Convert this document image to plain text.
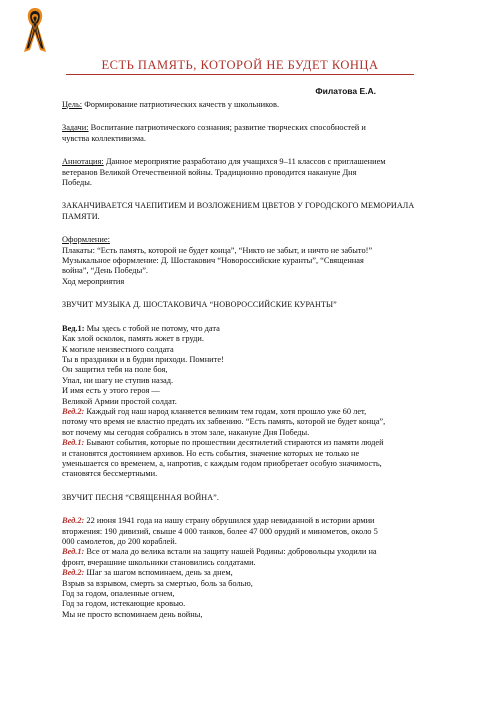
ЕСТЬ ПАМЯТЬ, КОТОРОЙ НЕ БУДЕТ КОНЦА
Филатова Е.А.

Цель: Формирование патриотических качеств у школьников.

Задачи: Воспитание патриотического сознания; развитие творческих способностей и

чувства коллективизма.

Аннотация: Данное мероприятие разработано для учащихся 9–11 классов с приглашением

ветеранов Великой Отечественной войны. Традиционно проводится накануне Дня

Победы.

ЗАКАНЧИВАЕТСЯ ЧАЕПИТИЕМ И ВОЗЛОЖЕНИЕМ ЦВЕТОВ У ГОРОДСКОГО МЕМОРИАЛА

ПАМЯТИ.

Оформление:

Плакаты: “Есть память, которой не будет конца”, “Никто не забыт, и ничто не забыто!”

Музыкальное оформление: Д. Шостакович “Новороссийские куранты”, “Священная

война”, “День Победы”.

Ход мероприятия

ЗВУЧИТ МУЗЫКА Д. ШОСТАКОВИЧА “НОВОРОССИЙСКИЕ КУРАНТЫ”

Вед.1: Мы здесь с тобой не потому, что дата

Как злой осколок, память жжет в груди.

К могиле неизвестного солдата

Ты в праздники и в будни приходи. Помните!

Он защитил тебя на поле боя,

Упал, ни шагу не ступив назад.

И имя есть у этого героя —

Великой Армии простой солдат.

Вед.2: Каждый год наш народ кланяется великим тем годам, хотя прошло уже 60 лет,

потому что время не властно предать их забвению. “Есть память, которой не будет конца”,

вот почему мы сегодня собрались в этом зале, накануне Дня Победы.

Вед.1: Бывают события, которые по прошествии десятилетий стираются из памяти людей

и становятся достоянием архивов. Но есть события, значение которых не только не

уменьшается со временем, а, напротив, с каждым годом приобретает особую значимость,

становятся бессмертными.

ЗВУЧИТ ПЕСНЯ “СВЯЩЕННАЯ ВОЙНА”.

Вед.2: 22 июня 1941 года на нашу страну обрушился удар невиданной в истории армии

вторжения: 190 дивизий, свыше 4 000 танков, более 47 000 орудий и минометов, около 5

000 самолетов, до 200 кораблей.

Вед.1: Все от мала до велика встали на защиту нашей Родины: добровольцы уходили на

фронт, вчерашние школьники становились солдатами.

Вед.2: Шаг за шагом вспоминаем, день за днем,

Взрыв за взрывом, смерть за смертью, боль за болью,

Год за годом, опаленные огнем,

Год за годом, истекающие кровью.

Мы не просто вспоминаем день войны,
